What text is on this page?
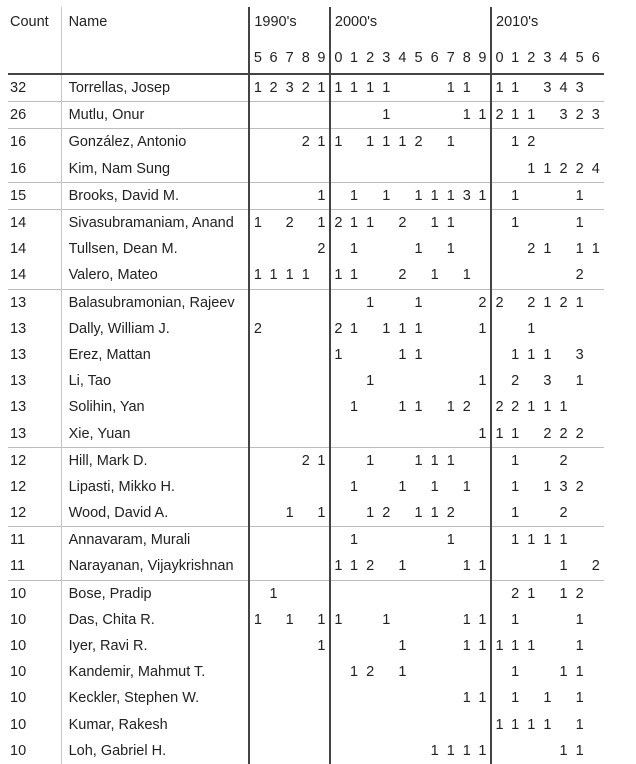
Count	Name	1990's					2000's										2010's						
		5	6	7	8	9	0	1	2	3	4	5	6	7	8	9	0	1	2	3	4	5	6
32	Torrellas, Josep	1	2	3	2	1	1	1	1	1				1	1		1	1		3	4	3	
26	Mutlu, Onur									1					1	1	2	1	1		3	2	3
16	González, Antonio				2	1	1		1	1	1	2		1				1	2				
16	Kim, Nam Sung																		1	1	2	2	4
15	Brooks, David M.					1		1		1		1	1	1	3	1		1				1	
14	Sivasubramaniam, Anand	1		2		1	2	1	1		2		1	1				1				1	
14	Tullsen, Dean M.					2		1				1		1					2	1		1	1
14	Valero, Mateo	1	1	1	1		1	1			2		1		1							2	
13	Balasubramonian, Rajeev								1			1				2	2		2	1	2	1	
13	Dally, William J.	2					2	1		1	1	1				1			1				
13	Erez, Mattan						1				1	1						1	1	1		3	
13	Li, Tao								1							1		2		3		1	
13	Solihin, Yan							1			1	1		1	2		2	2	1	1	1		
13	Xie, Yuan															1	1	1		2	2	2	
12	Hill, Mark D.				2	1			1			1	1	1				1			2		
12	Lipasti, Mikko H.							1			1		1		1			1		1	3	2	
12	Wood, David A.			1		1			1	2		1	1	2				1			2		
11	Annavaram, Murali							1						1				1	1	1	1		
11	Narayanan, Vijaykrishnan						1	1	2		1				1	1					1		2
10	Bose, Pradip		1															2	1		1	2	
10	Das, Chita R.	1		1		1	1			1					1	1		1				1	
10	Iyer, Ravi R.					1					1				1	1	1	1	1			1	
10	Kandemir, Mahmut T.							1	2		1							1			1	1	
10	Keckler, Stephen W.														1	1		1		1		1	
10	Kumar, Rakesh																1	1	1	1		1	
10	Loh, Gabriel H.												1	1	1	1					1	1	
